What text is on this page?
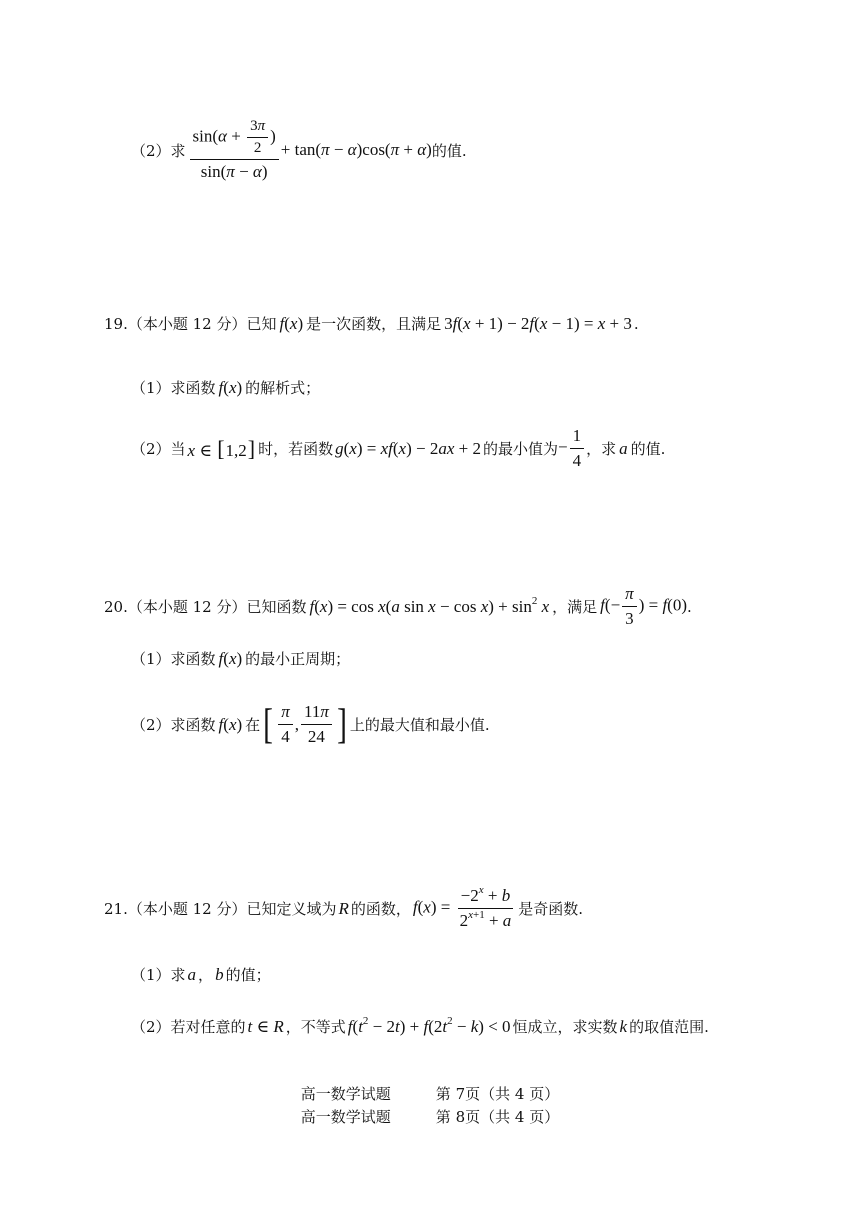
（2）求 $\frac{\sin(\alpha + \frac{3\pi}{2} )}{\sin(\pi - \alpha)} + \tan(\pi - \alpha)\cos(\pi + \alpha)$ 的值.
19.（本小题 12 分）已知 f(x) 是一次函数，且满足 3f(x + 1) − 2f(x − 1) = x + 3 .
（1）求函数 f(x) 的解析式；
（2）当 x ∈ [1,2] 时，若函数 g(x) = xf(x) − 2ax + 2 的最小值为 − $\frac{1}{4}$ ，求 a 的值.
20.（本小题 12 分）已知函数 f(x) = cos x(a $\sin x - \cos x) + \sin^2 x$ ，满足 $f(- \frac{\pi}{3}$ ) = f(0) .
（1）求函数 f(x) 的最小正周期；
（2）求函数 f(x) 在 [ $\frac{\pi}{4}$ , $\frac{11\pi}{24}$ ] 上的最大值和最小值.
21.（本小题 12 分）已知定义域为 R 的函数， $f(x) = \frac{-2^x + b}{2^{x+1} + a}$ 是奇函数.
（1）求 a ， b 的值；
（2）若对任意的 t ∈ R ，不等式 $f(t^2 - 2t) + f(2t^2 - k) < 0$ 恒成立，求实数 k 的取值范围.
高一数学试题　　　第 7页（共 4 页）
高一数学试题　　　第 8页（共 4 页）
